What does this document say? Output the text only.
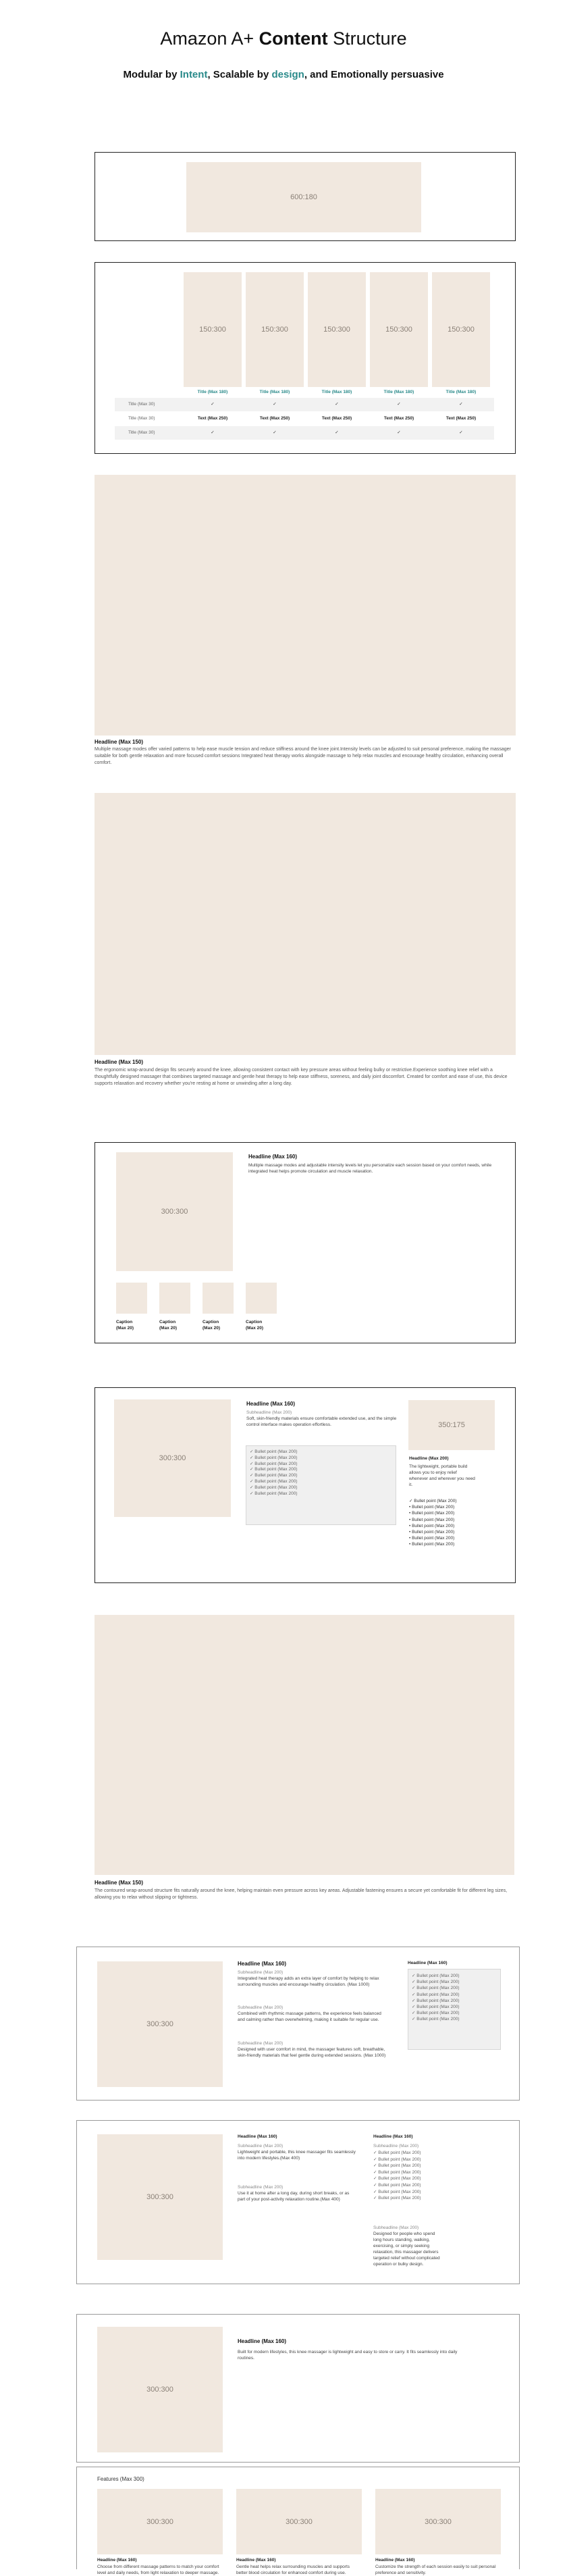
Amazon A+ Content Structure
Modular by Intent, Scalable by design, and Emotionally persuasive
600:180
150:300
Title (Max 180)
150:300
Title (Max 180)
150:300
Title (Max 180)
150:300
Title (Max 180)
150:300
Title (Max 180)
Title (Max 30)	✓	✓	✓	✓	✓
Title (Max 30)	Text (Max 250)	Text (Max 250)	Text (Max 250)	Text (Max 250)	Text (Max 250)
Title (Max 30)	✓	✓	✓	✓	✓
Headline (Max 150)
Multiple massage modes offer varied patterns to help ease muscle tension and reduce stiffness around the knee joint.Intensity levels can be adjusted to suit personal preference, making the massager suitable for both gentle relaxation and more focused comfort sessions Integrated heat therapy works alongside massage to help relax muscles and encourage healthy circulation, enhancing overall comfort.
Headline (Max 150)
The ergonomic wrap-around design fits securely around the knee, allowing consistent contact with key pressure areas without feeling bulky or restrictive.Experience soothing knee relief with a thoughtfully designed massager that combines targeted massage and gentle heat therapy to help ease stiffness, soreness, and daily joint discomfort. Created for comfort and ease of use, this device supports relaxation and recovery whether you're resting at home or unwinding after a long day.
300:300
Headline (Max 160)
Multiple massage modes and adjustable intensity levels let you personalize each session based on your comfort needs, while integrated heat helps promote circulation and muscle relaxation.
Caption (Max 20)
Caption (Max 20)
Caption (Max 20)
Caption (Max 20)
300:300
Headline (Max 160)
Subheadline (Max 200)
Soft, skin-friendly materials ensure comfortable extended use, and the simple control interface makes operation effortless.
✓ Bullet point (Max 200)
✓ Bullet point (Max 200)
✓ Bullet point (Max 200)
✓ Bullet point (Max 200)
✓ Bullet point (Max 200)
✓ Bullet point (Max 200)
✓ Bullet point (Max 200)
✓ Bullet point (Max 200)
350:175
Headline (Max 200)
The lightweight, portable build allows you to enjoy relief whenever and wherever you need it.
✓ Bullet point (Max 200)
• Bullet point (Max 200)
• Bullet point (Max 200)
• Bullet point (Max 200)
• Bullet point (Max 200)
• Bullet point (Max 200)
• Bullet point (Max 200)
• Bullet point (Max 200)
Headline (Max 150)
The contoured wrap-around structure fits naturally around the knee, helping maintain even pressure across key areas. Adjustable fastening ensures a secure yet comfortable fit for different leg sizes, allowing you to relax without slipping or tightness.
300:300
Headline (Max 160)
Subheadline (Max 200)
Integrated heat therapy adds an extra layer of comfort by helping to relax surrounding muscles and encourage healthy circulation. (Max 1000)
Subheadline (Max 200)
Combined with rhythmic massage patterns, the experience feels balanced and calming rather than overwhelming, making it suitable for regular use.
Subheadline (Max 200)
Designed with user comfort in mind, the massager features soft, breathable, skin-friendly materials that feel gentle during extended sessions. (Max 1000)
Headline (Max 160)
✓ Bullet point (Max 200)
✓ Bullet point (Max 200)
✓ Bullet point (Max 200)
✓ Bullet point (Max 200)
✓ Bullet point (Max 200)
✓ Bullet point (Max 200)
✓ Bullet point (Max 200)
✓ Bullet point (Max 200)
300:300
Headline (Max 160)
Subheadline (Max 200)
Lightweight and portable, this knee massager fits seamlessly into modern lifestyles.(Max 400)
Subheadline (Max 200)
Use it at home after a long day, during short breaks, or as part of your post-activity relaxation routine.(Max 400)
Headline (Max 160)
Subheadline (Max 200)
✓ Bullet point (Max 200)
✓ Bullet point (Max 200)
✓ Bullet point (Max 200)
✓ Bullet point (Max 200)
✓ Bullet point (Max 200)
✓ Bullet point (Max 200)
✓ Bullet point (Max 200)
✓ Bullet point (Max 200)
Subheadline (Max 200)
Designed for people who spend long hours standing, walking, exercising, or simply seeking relaxation, this massager delivers targeted relief without complicated operation or bulky design.
300:300
Headline (Max 160)
Built for modern lifestyles, this knee massager is lightweight and easy to store or carry. It fits seamlessly into daily routines.
Features (Max 300)
300:300	300:300	300:300
Headline (Max 160)
Choose from different massage patterns to match your comfort level and daily needs, from light relaxation to deeper massage.
Headline (Max 160)
Gentle heat helps relax surrounding muscles and supports better blood circulation for enhanced comfort during use.
Headline (Max 160)
Customize the strength of each session easily to suit personal preference and sensitivity.
